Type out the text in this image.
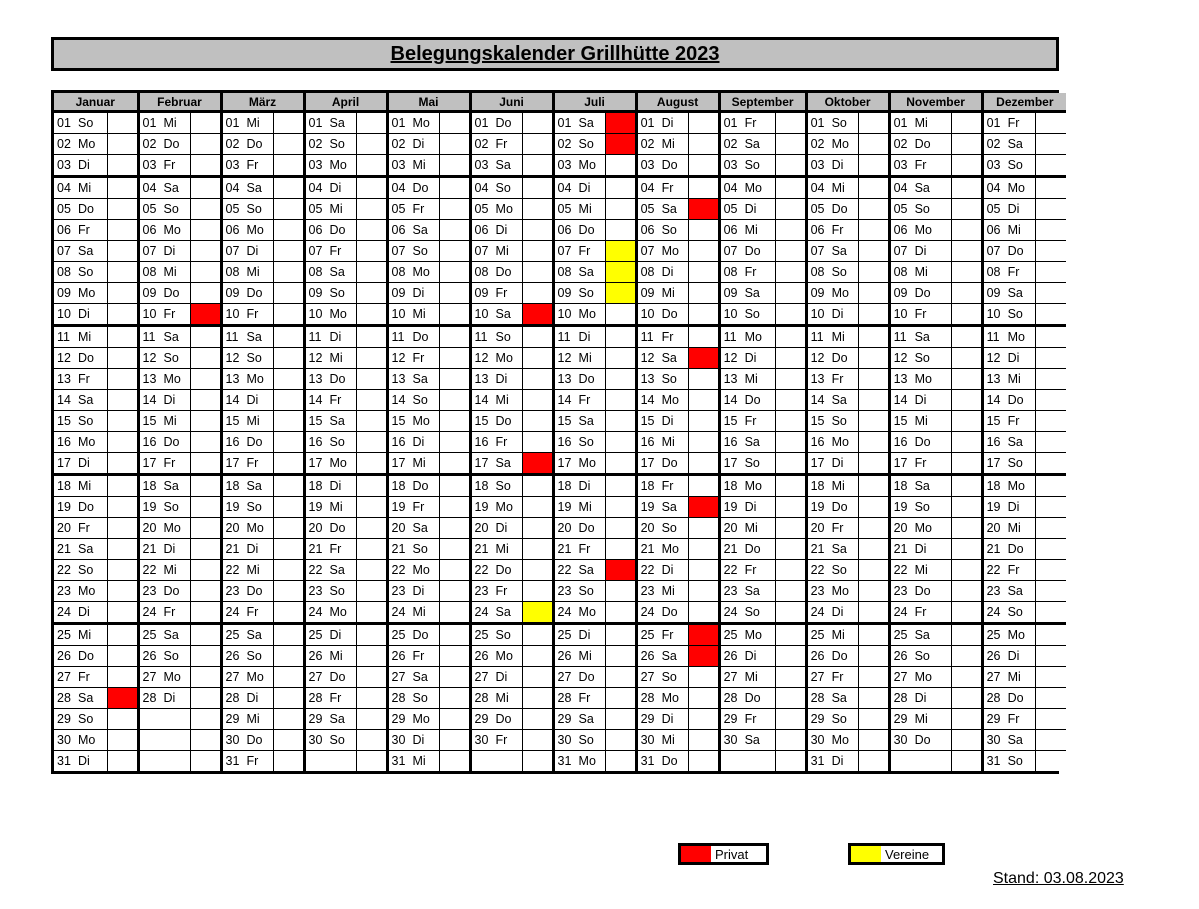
Belegungskalender Grillhütte 2023
Januar		Februar		März		April		Mai		Juni		Juli		August		September		Oktober		November		Dezember	
01 So		01 Mi		01 Mi		01 Sa		01 Mo		01 Do		01 Sa		01 Di		01 Fr		01 So		01 Mi		01 Fr	
02 Mo		02 Do		02 Do		02 So		02 Di		02 Fr		02 So		02 Mi		02 Sa		02 Mo		02 Do		02 Sa	
03 Di		03 Fr		03 Fr		03 Mo		03 Mi		03 Sa		03 Mo		03 Do		03 So		03 Di		03 Fr		03 So	
04 Mi		04 Sa		04 Sa		04 Di		04 Do		04 So		04 Di		04 Fr		04 Mo		04 Mi		04 Sa		04 Mo	
05 Do		05 So		05 So		05 Mi		05 Fr		05 Mo		05 Mi		05 Sa		05 Di		05 Do		05 So		05 Di	
06 Fr		06 Mo		06 Mo		06 Do		06 Sa		06 Di		06 Do		06 So		06 Mi		06 Fr		06 Mo		06 Mi	
07 Sa		07 Di		07 Di		07 Fr		07 So		07 Mi		07 Fr		07 Mo		07 Do		07 Sa		07 Di		07 Do	
08 So		08 Mi		08 Mi		08 Sa		08 Mo		08 Do		08 Sa		08 Di		08 Fr		08 So		08 Mi		08 Fr	
09 Mo		09 Do		09 Do		09 So		09 Di		09 Fr		09 So		09 Mi		09 Sa		09 Mo		09 Do		09 Sa	
10 Di		10 Fr		10 Fr		10 Mo		10 Mi		10 Sa		10 Mo		10 Do		10 So		10 Di		10 Fr		10 So	
11 Mi		11 Sa		11 Sa		11 Di		11 Do		11 So		11 Di		11 Fr		11 Mo		11 Mi		11 Sa		11 Mo	
12 Do		12 So		12 So		12 Mi		12 Fr		12 Mo		12 Mi		12 Sa		12 Di		12 Do		12 So		12 Di	
13 Fr		13 Mo		13 Mo		13 Do		13 Sa		13 Di		13 Do		13 So		13 Mi		13 Fr		13 Mo		13 Mi	
14 Sa		14 Di		14 Di		14 Fr		14 So		14 Mi		14 Fr		14 Mo		14 Do		14 Sa		14 Di		14 Do	
15 So		15 Mi		15 Mi		15 Sa		15 Mo		15 Do		15 Sa		15 Di		15 Fr		15 So		15 Mi		15 Fr	
16 Mo		16 Do		16 Do		16 So		16 Di		16 Fr		16 So		16 Mi		16 Sa		16 Mo		16 Do		16 Sa	
17 Di		17 Fr		17 Fr		17 Mo		17 Mi		17 Sa		17 Mo		17 Do		17 So		17 Di		17 Fr		17 So	
18 Mi		18 Sa		18 Sa		18 Di		18 Do		18 So		18 Di		18 Fr		18 Mo		18 Mi		18 Sa		18 Mo	
19 Do		19 So		19 So		19 Mi		19 Fr		19 Mo		19 Mi		19 Sa		19 Di		19 Do		19 So		19 Di	
20 Fr		20 Mo		20 Mo		20 Do		20 Sa		20 Di		20 Do		20 So		20 Mi		20 Fr		20 Mo		20 Mi	
21 Sa		21 Di		21 Di		21 Fr		21 So		21 Mi		21 Fr		21 Mo		21 Do		21 Sa		21 Di		21 Do	
22 So		22 Mi		22 Mi		22 Sa		22 Mo		22 Do		22 Sa		22 Di		22 Fr		22 So		22 Mi		22 Fr	
23 Mo		23 Do		23 Do		23 So		23 Di		23 Fr		23 So		23 Mi		23 Sa		23 Mo		23 Do		23 Sa	
24 Di		24 Fr		24 Fr		24 Mo		24 Mi		24 Sa		24 Mo		24 Do		24 So		24 Di		24 Fr		24 So	
25 Mi		25 Sa		25 Sa		25 Di		25 Do		25 So		25 Di		25 Fr		25 Mo		25 Mi		25 Sa		25 Mo	
26 Do		26 So		26 So		26 Mi		26 Fr		26 Mo		26 Mi		26 Sa		26 Di		26 Do		26 So		26 Di	
27 Fr		27 Mo		27 Mo		27 Do		27 Sa		27 Di		27 Do		27 So		27 Mi		27 Fr		27 Mo		27 Mi	
28 Sa		28 Di		28 Di		28 Fr		28 So		28 Mi		28 Fr		28 Mo		28 Do		28 Sa		28 Di		28 Do	
29 So				29 Mi		29 Sa		29 Mo		29 Do		29 Sa		29 Di		29 Fr		29 So		29 Mi		29 Fr	
30 Mo				30 Do		30 So		30 Di		30 Fr		30 So		30 Mi		30 Sa		30 Mo		30 Do		30 Sa	
31 Di				31 Fr				31 Mi				31 Mo		31 Do				31 Di				31 So	
Privat	Vereine
Stand: 03.08.2023
